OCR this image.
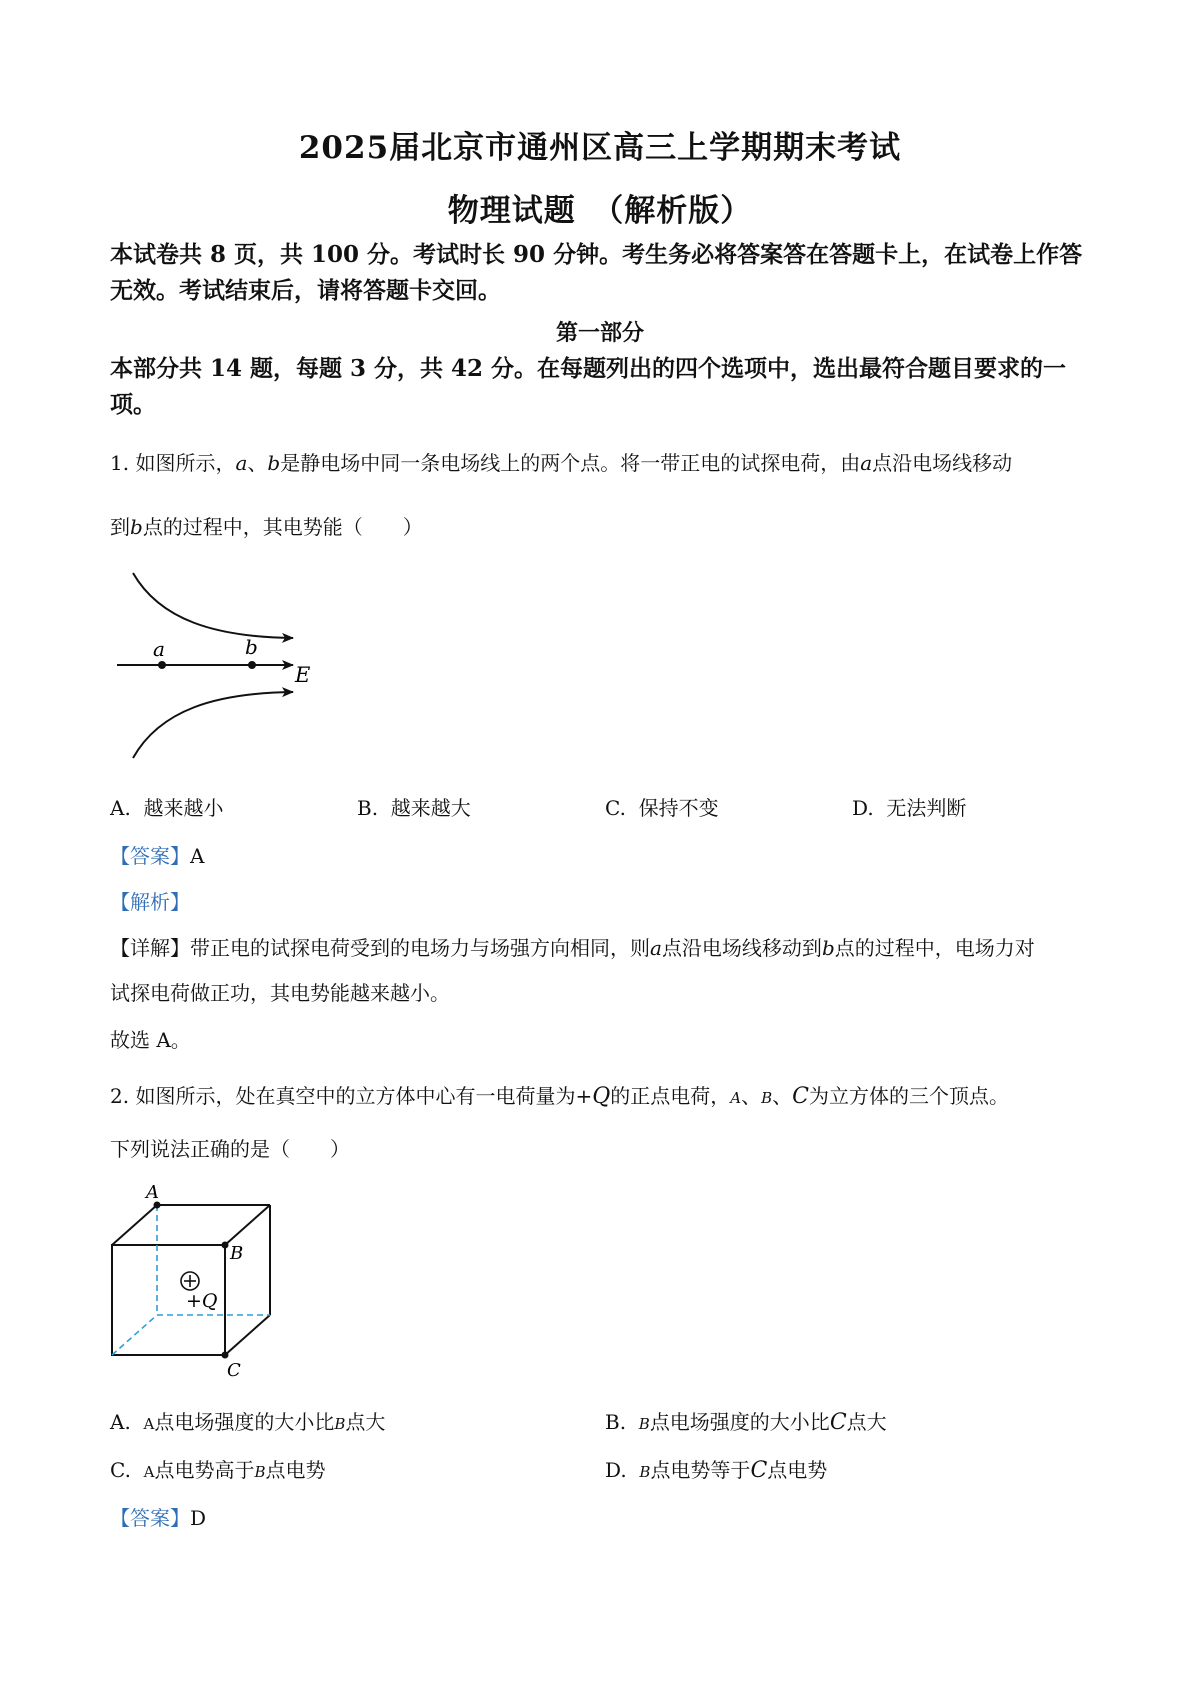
2025届北京市通州区高三上学期期末考试
物理试题　（解析版）
本试卷共 8 页，共 100 分。考试时长 90 分钟。考生务必将答案答在答题卡上，在试卷上作答无效。考试结束后，请将答题卡交回。
第一部分
本部分共 14 题，每题 3 分，共 42 分。在每题列出的四个选项中，选出最符合题目要求的一项。
1. 如图所示，a、b是静电场中同一条电场线上的两个点。将一带正电的试探电荷，由a点沿电场线移动
到b点的过程中，其电势能（　　）
a	b
E
A. 越来越小	B. 越来越大	C. 保持不变	D. 无法判断
【答案】A
【解析】
【详解】带正电的试探电荷受到的电场力与场强方向相同，则a点沿电场线移动到b点的过程中，电场力对
试探电荷做正功，其电势能越来越小。
故选 A。
2. 如图所示，处在真空中的立方体中心有一电荷量为+Q的正点电荷，A、B、C为立方体的三个顶点。
下列说法正确的是（　　）
+Q
A
B
C
A. A点电场强度的大小比B点大	B. B点电场强度的大小比C点大
C. A点电势高于B点电势	D. B点电势等于C点电势
【答案】D
